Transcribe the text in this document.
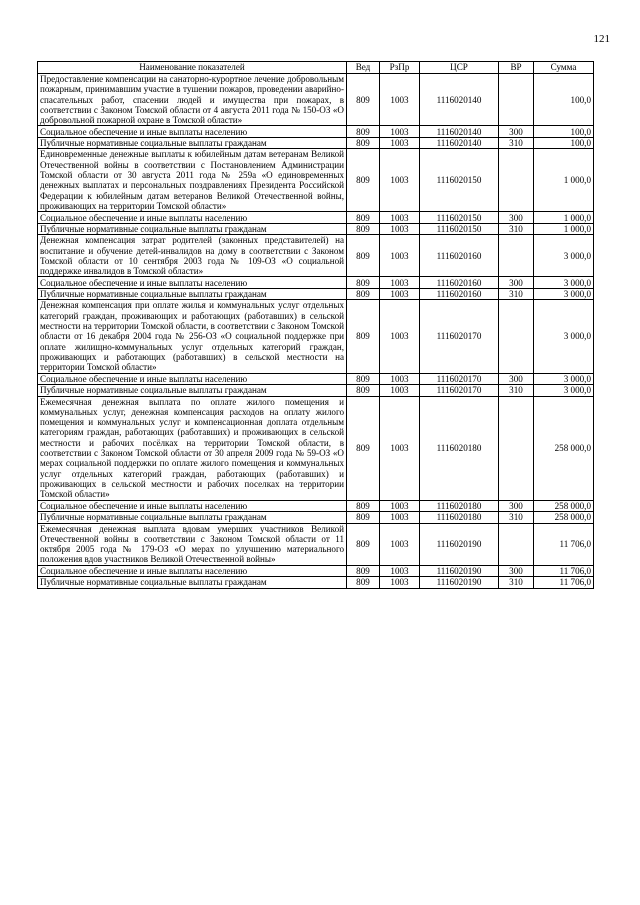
121
Наименование показателей	Вед	РзПр	ЦСР	ВР	Сумма
Предоставление компенсации на санаторно-курортное лечение добровольным пожарным, принимавшим участие в тушении пожаров, проведении аварийно-спасательных работ, спасении людей и имущества при пожарах, в соответствии с Законом Томской области от 4 августа 2011 года № 150-ОЗ «О добровольной пожарной охране в Томской области»	809	1003	1116020140		100,0
Социальное обеспечение и иные выплаты населению	809	1003	1116020140	300	100,0
Публичные нормативные социальные выплаты гражданам	809	1003	1116020140	310	100,0
Единовременные денежные выплаты к юбилейным датам ветеранам Великой Отечественной войны в соответствии с Постановлением Администрации Томской области от 30 августа 2011 года № 259а «О единовременных денежных выплатах и персональных поздравлениях Президента Российской Федерации к юбилейным датам ветеранов Великой Отечественной войны, проживающих на территории Томской области»	809	1003	1116020150		1 000,0
Социальное обеспечение и иные выплаты населению	809	1003	1116020150	300	1 000,0
Публичные нормативные социальные выплаты гражданам	809	1003	1116020150	310	1 000,0
Денежная компенсация затрат родителей (законных представителей) на воспитание и обучение детей-инвалидов на дому в соответствии с Законом Томской области от 10 сентября 2003 года № 109-ОЗ «О социальной поддержке инвалидов в Томской области»	809	1003	1116020160		3 000,0
Социальное обеспечение и иные выплаты населению	809	1003	1116020160	300	3 000,0
Публичные нормативные социальные выплаты гражданам	809	1003	1116020160	310	3 000,0
Денежная компенсация при оплате жилья и коммунальных услуг отдельных категорий граждан, проживающих и работающих (работавших) в сельской местности на территории Томской области, в соответствии с Законом Томской области от 16 декабря 2004 года № 256-ОЗ «О социальной поддержке при оплате жилищно-коммунальных услуг отдельных категорий граждан, проживающих и работающих (работавших) в сельской местности на территории Томской области»	809	1003	1116020170		3 000,0
Социальное обеспечение и иные выплаты населению	809	1003	1116020170	300	3 000,0
Публичные нормативные социальные выплаты гражданам	809	1003	1116020170	310	3 000,0
Ежемесячная денежная выплата по оплате жилого помещения и коммунальных услуг, денежная компенсация расходов на оплату жилого помещения и коммунальных услуг и компенсационная доплата отдельным категориям граждан, работающих (работавших) и проживающих в сельской местности и рабочих посёлках на территории Томской области, в соответствии с Законом Томской области от 30 апреля 2009 года № 59-ОЗ «О мерах социальной поддержки по оплате жилого помещения и коммунальных услуг отдельных категорий граждан, работающих (работавших) и проживающих в сельской местности и рабочих поселках на территории Томской области»	809	1003	1116020180		258 000,0
Социальное обеспечение и иные выплаты населению	809	1003	1116020180	300	258 000,0
Публичные нормативные социальные выплаты гражданам	809	1003	1116020180	310	258 000,0
Ежемесячная денежная выплата вдовам умерших участников Великой Отечественной войны в соответствии с Законом Томской области от 11 октября 2005 года № 179-ОЗ «О мерах по улучшению материального положения вдов участников Великой Отечественной войны»	809	1003	1116020190		11 706,0
Социальное обеспечение и иные выплаты населению	809	1003	1116020190	300	11 706,0
Публичные нормативные социальные выплаты гражданам	809	1003	1116020190	310	11 706,0
